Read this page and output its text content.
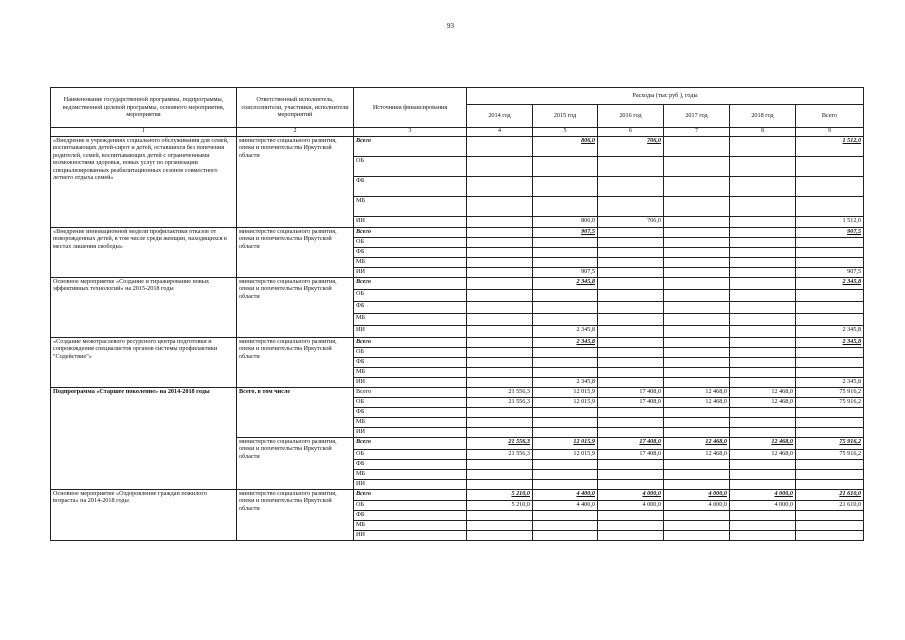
93
Наименование государственной программы, подпрограммы, ведомственной целевой программы, основного мероприятия, мероприятия	Ответственный исполнитель, соисполнители, участники, исполнители мероприятий	Источники финансирования	Расходы (тыс руб ), годы					
			2014 год	2015 год	2016 год	2017 год	2018 год	Всего
1	2	3	4	5	6	7	8	9
«Внедрение в учреждениях социального обслуживания для семей, воспитывающих детей-сирот и детей, оставшихся без попечения родителей, семей, воспитывающих детей с ограниченными возможностями здоровья, новых услуг по организации специализированных реабилитационных сезонов совместного летнего отдыха семей»	министерство социального развития, опеки и попечительства Иркутской области	Всего		806,0	706,0			1 512,0
		ОБ						
		ФБ						
		МБ						
		ИИ		806,0	706,0			1 512,0
«Внедрение инновационной модели профилактики отказов от новорожденных детей, в том числе среди женщин, находящихся в местах лишения свободы»	министерство социального развития, опеки и попечительства Иркутской области	Всего		907,5				907,5
		ОБ						
		ФБ						
		МБ						
		ИИ		907,5				907,5
Основное мероприятие «Создание и тиражирование новых эффективных технологий» на 2015-2018 годы	министерство социального развития, опеки и попечительства Иркутской области	Всего		2 345,8				2 345,8
		ОБ						
		ФБ						
		МБ						
		ИИ		2 345,8				2 345,8
«Создание межотраслевого ресурсного центра подготовки и сопровождения специалистов органов системы профилактики "Содействие"»	министерство социального развития, опеки и попечительства Иркутской области	Всего		2 345,8				2 345,8
		ОБ						
		ФБ						
		МБ						
		ИИ		2 345,8				2 345,8
Подпрограмма «Старшее поколение» на 2014-2018 годы	Всего, в том числе	Всего	21 556,3	12 015,9	17 408,0	12 468,0	12 468,0	75 916,2
		ОБ	21 556,3	12 015,9	17 408,0	12 468,0	12 468,0	75 916,2
		ФБ						
		МБ						
		ИИ						
	министерство социального развития, опеки и попечительства Иркутской области	Всего	21 556,3	12 015,9	17 408,0	12 468,0	12 468,0	75 916,2
		ОБ	21 556,3	12 015,9	17 408,0	12 468,0	12 468,0	75 916,2
		ФБ						
		МБ						
		ИИ						
Основное мероприятие «Оздоровление граждан пожилого возраста» на 2014-2018 годы	министерство социального развития, опеки и попечительства Иркутской области	Всего	5 210,0	4 400,0	4 000,0	4 000,0	4 000,0	21 610,0
		ОБ	5 210,0	4 400,0	4 000,0	4 000,0	4 000,0	21 610,0
		ФБ						
		МБ						
		ИИ						
